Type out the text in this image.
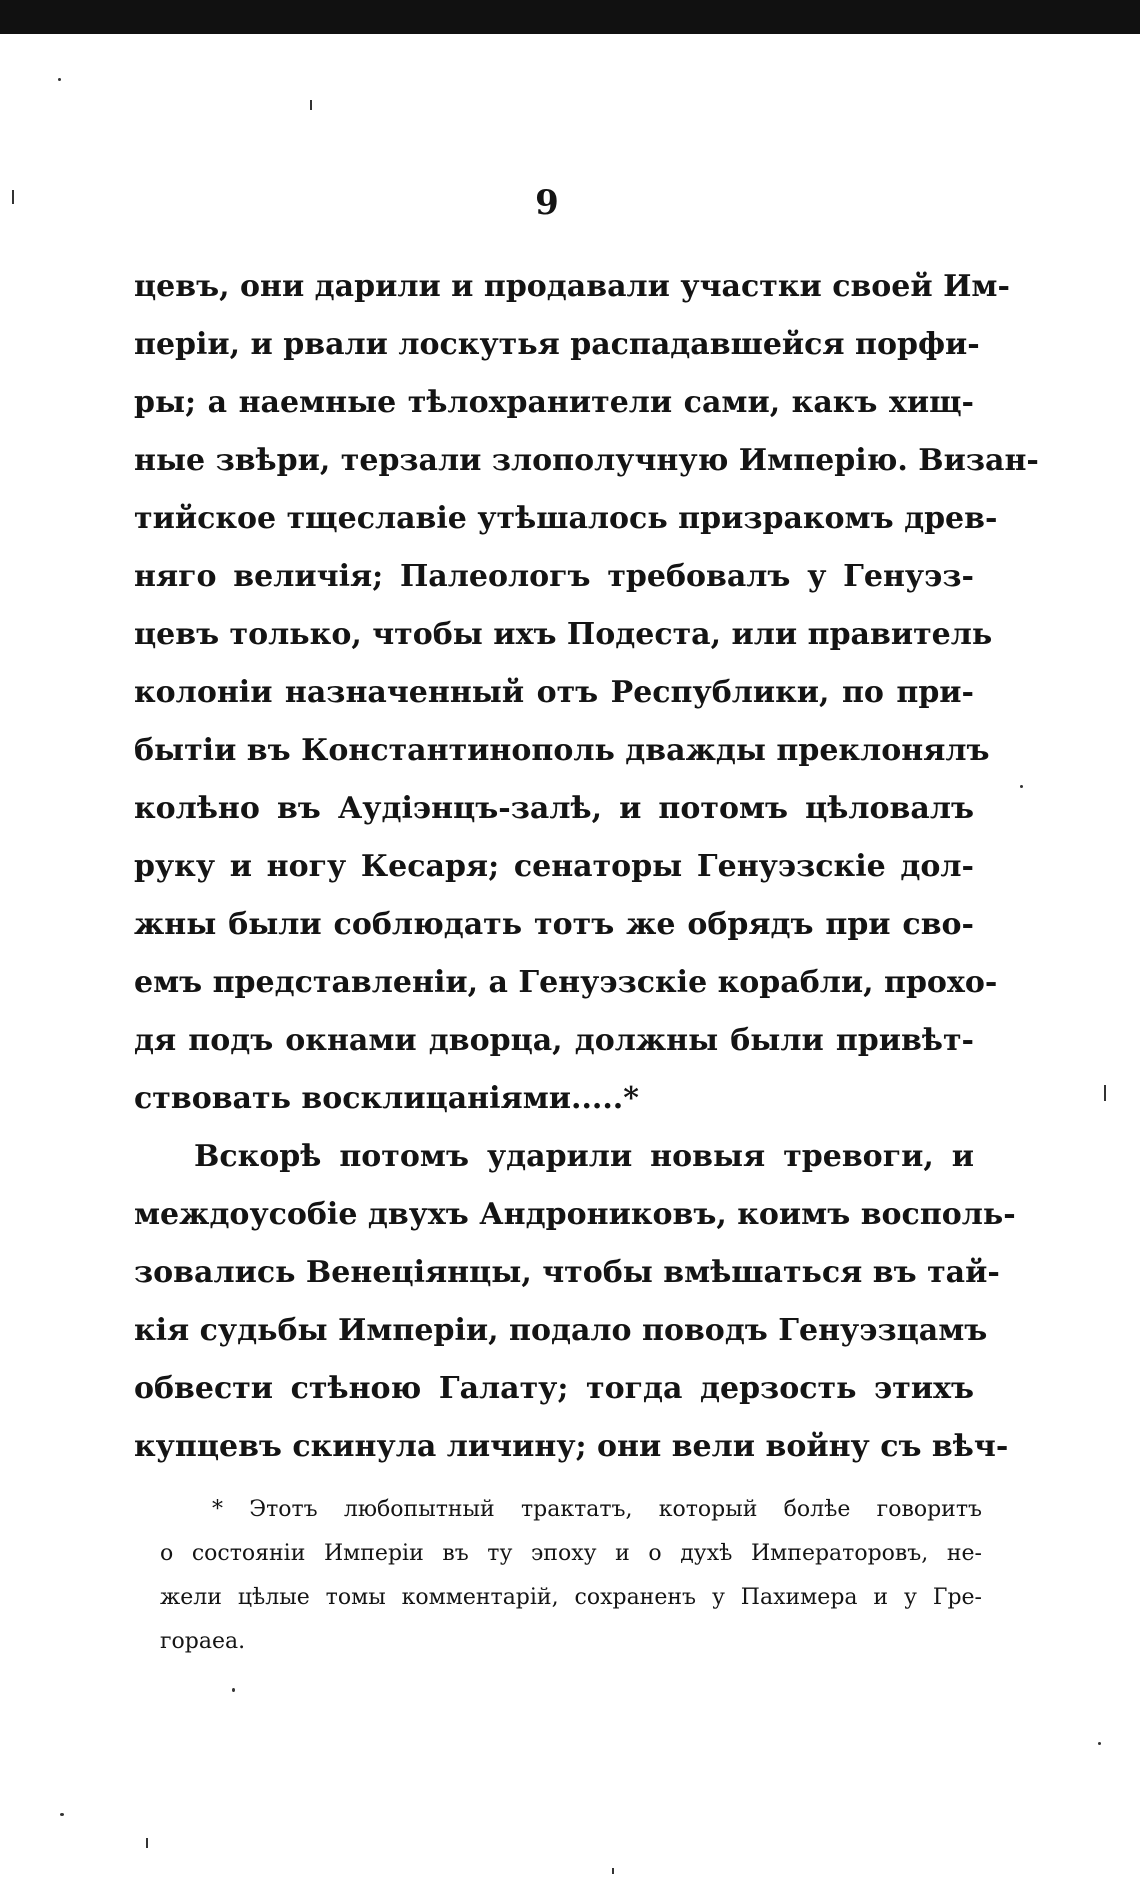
9
цевъ, они дарили и продавали участки своей Им-
перiи, и рвали лоскутья распадавшейся порфи-
ры; а наемные тѣлохранители сами, какъ хищ-
ные звѣри, терзали злополучную Имперiю. Визан-
тийское тщеславiе утѣшалось призракомъ древ-
няго величiя; Палеологъ требовалъ у Генуэз-
цевъ только, чтобы ихъ Подеста, или правитель
колонiи назначенный отъ Республики, по при-
бытiи въ Константинополь дважды преклонялъ
колѣно въ Аудiэнцъ-залѣ, и потомъ цѣловалъ
руку и ногу Кесаря; сенаторы Генуэзскiе дол-
жны были соблюдать тотъ же обрядъ при сво-
емъ представленiи, а Генуэзскiе корабли, прохо-
дя подъ окнами дворца, должны были привѣт-
ствовать восклицанiями.....*
Вскорѣ потомъ ударили новыя тревоги, и
междоусобiе двухъ Андрониковъ, коимъ восполь-
зовались Венецiянцы, чтобы вмѣшаться въ тай-
кiя судьбы Имперiи, подало поводъ Генуэзцамъ
обвести стѣною Галату; тогда дерзость этихъ
купцевъ скинула личину; они вели войну съ вѣч-
* Этотъ любопытный трактатъ, который болѣе говоритъ
о состоянiи Имперiи въ ту эпоху и о духѣ Императоровъ, не-
жели цѣлые томы комментарiй, сохраненъ у Пахимера и у Гре-
горaea.
